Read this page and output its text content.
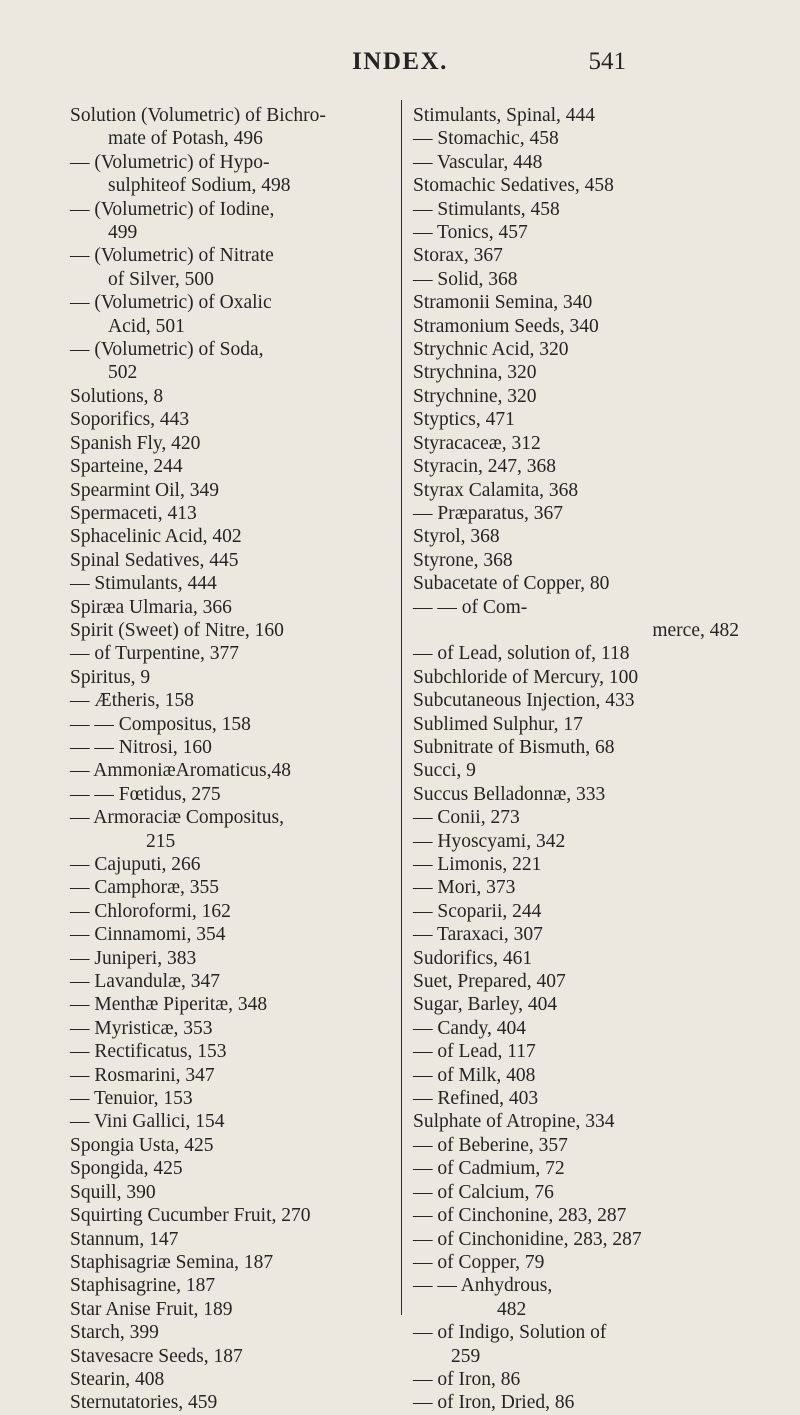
INDEX.	541
Solution (Volumetric) of Bichro-
mate of Potash, 496
— (Volumetric) of Hypo-
sulphiteof Sodium, 498
— (Volumetric) of Iodine,
499
— (Volumetric) of Nitrate
of Silver, 500
— (Volumetric) of Oxalic
Acid, 501
— (Volumetric) of Soda,
502
Solutions, 8
Soporifics, 443
Spanish Fly, 420
Sparteine, 244
Spearmint Oil, 349
Spermaceti, 413
Sphacelinic Acid, 402
Spinal Sedatives, 445
— Stimulants, 444
Spiræa Ulmaria, 366
Spirit (Sweet) of Nitre, 160
— of Turpentine, 377
Spiritus, 9
— Ætheris, 158
— — Compositus, 158
— — Nitrosi, 160
— AmmoniæAromaticus,48
— — Fœtidus, 275
— Armoraciæ Compositus,
215
— Cajuputi, 266
— Camphoræ, 355
— Chloroformi, 162
— Cinnamomi, 354
— Juniperi, 383
— Lavandulæ, 347
— Menthæ Piperitæ, 348
— Myristicæ, 353
— Rectificatus, 153
— Rosmarini, 347
— Tenuior, 153
— Vini Gallici, 154
Spongia Usta, 425
Spongida, 425
Squill, 390
Squirting Cucumber Fruit, 270
Stannum, 147
Staphisagriæ Semina, 187
Staphisagrine, 187
Star Anise Fruit, 189
Starch, 399
Stavesacre Seeds, 187
Stearin, 408
Sternutatories, 459
Stimulants, Spinal, 444
— Stomachic, 458
— Vascular, 448
Stomachic Sedatives, 458
— Stimulants, 458
— Tonics, 457
Storax, 367
— Solid, 368
Stramonii Semina, 340
Stramonium Seeds, 340
Strychnic Acid, 320
Strychnina, 320
Strychnine, 320
Styptics, 471
Styracaceæ, 312
Styracin, 247, 368
Styrax Calamita, 368
— Præparatus, 367
Styrol, 368
Styrone, 368
Subacetate of Copper, 80
— — of Com-
merce, 482
— of Lead, solution of, 118
Subchloride of Mercury, 100
Subcutaneous Injection, 433
Sublimed Sulphur, 17
Subnitrate of Bismuth, 68
Succi, 9
Succus Belladonnæ, 333
— Conii, 273
— Hyoscyami, 342
— Limonis, 221
— Mori, 373
— Scoparii, 244
— Taraxaci, 307
Sudorifics, 461
Suet, Prepared, 407
Sugar, Barley, 404
— Candy, 404
— of Lead, 117
— of Milk, 408
— Refined, 403
Sulphate of Atropine, 334
— of Beberine, 357
— of Cadmium, 72
— of Calcium, 76
— of Cinchonine, 283, 287
— of Cinchonidine, 283, 287
— of Copper, 79
— — Anhydrous,
482
— of Indigo, Solution of
259
— of Iron, 86
— of Iron, Dried, 86
